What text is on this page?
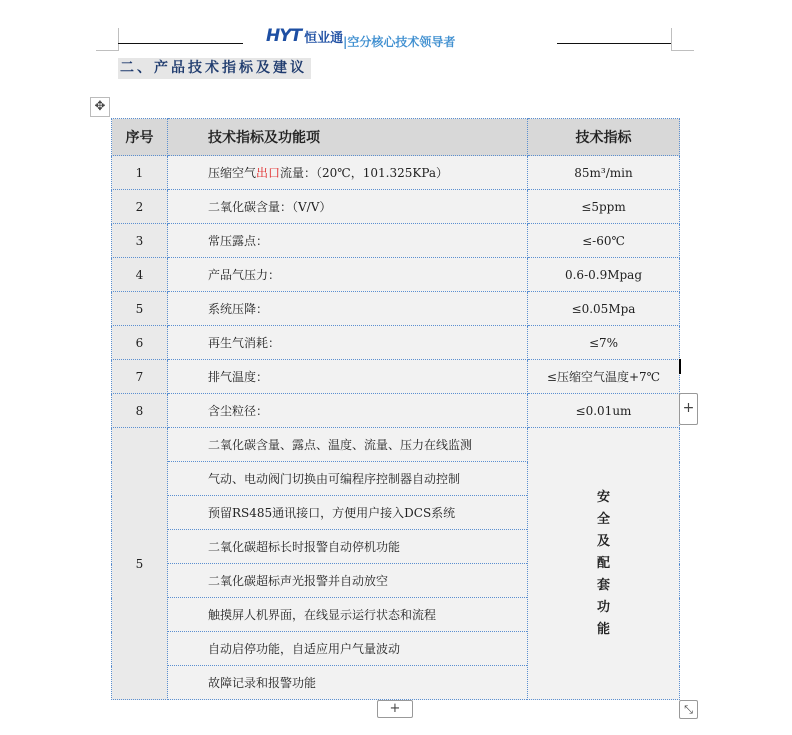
HYT 恒业通 |空分核心技术领导者
二、产品技术指标及建议
✥
序号	技术指标及功能项	技术指标
1	压缩空气出口流量：（20℃，101.325KPa）	85m³/min
2	二氧化碳含量：（V/V）	≤5ppm
3	常压露点：	≤-60℃
4	产品气压力：	0.6-0.9Mpag
5	系统压降：	≤0.05Mpa
6	再生气消耗：	≤7%
7	排气温度：	≤压缩空气温度+7℃
8	含尘粒径：	≤0.01um
5	二氧化碳含量、露点、温度、流量、压力在线监测	安全及配套功能

	气动、电动阀门切换由可编程序控制器自动控制	
	预留RS485通讯接口，方便用户接入DCS系统	
	二氧化碳超标长时报警自动停机功能	
	二氧化碳超标声光报警并自动放空	
	触摸屏人机界面，在线显示运行状态和流程	
	自动启停功能，自适应用户气量波动	
	故障记录和报警功能	
+
+	⤡
